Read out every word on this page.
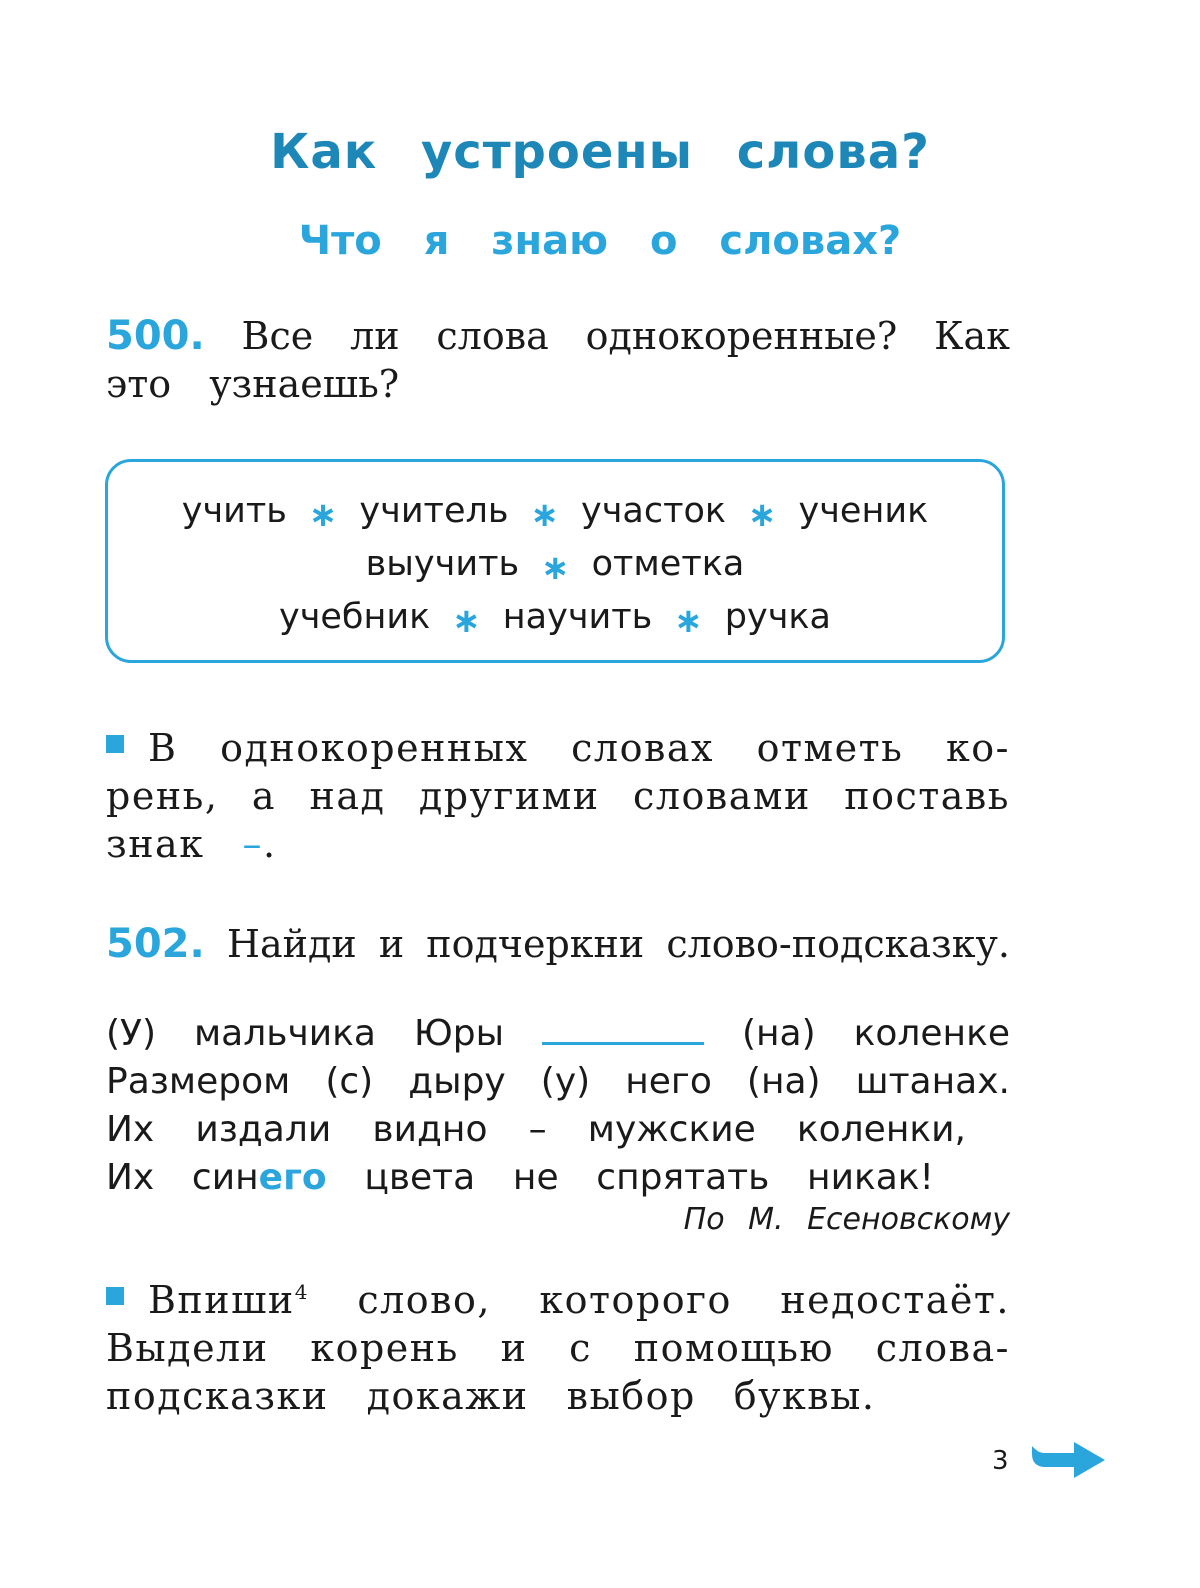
Как устроены слова?
Что я знаю о словах?
500. Все ли слова однокоренные? Как
это узнаешь?
учить ∗ учитель ∗ участок ∗ ученик
выучить ∗ отметка
учебник ∗ научить ∗ ручка
В однокоренных словах отметь ко-
рень, а над другими словами поставь
знак –.
502. Найди и подчеркни слово-подсказку.
(У) мальчика Юры	(на) коленке
Размером (с) дыру (у) него (на) штанах.
Их издали видно – мужские коленки,
Их синего цвета не спрятать никак!
По М. Есеновскому
Впиши$^4$ слово, которого недостаёт.
Выдели корень и с помощью слова-
подсказки докажи выбор буквы.
3
